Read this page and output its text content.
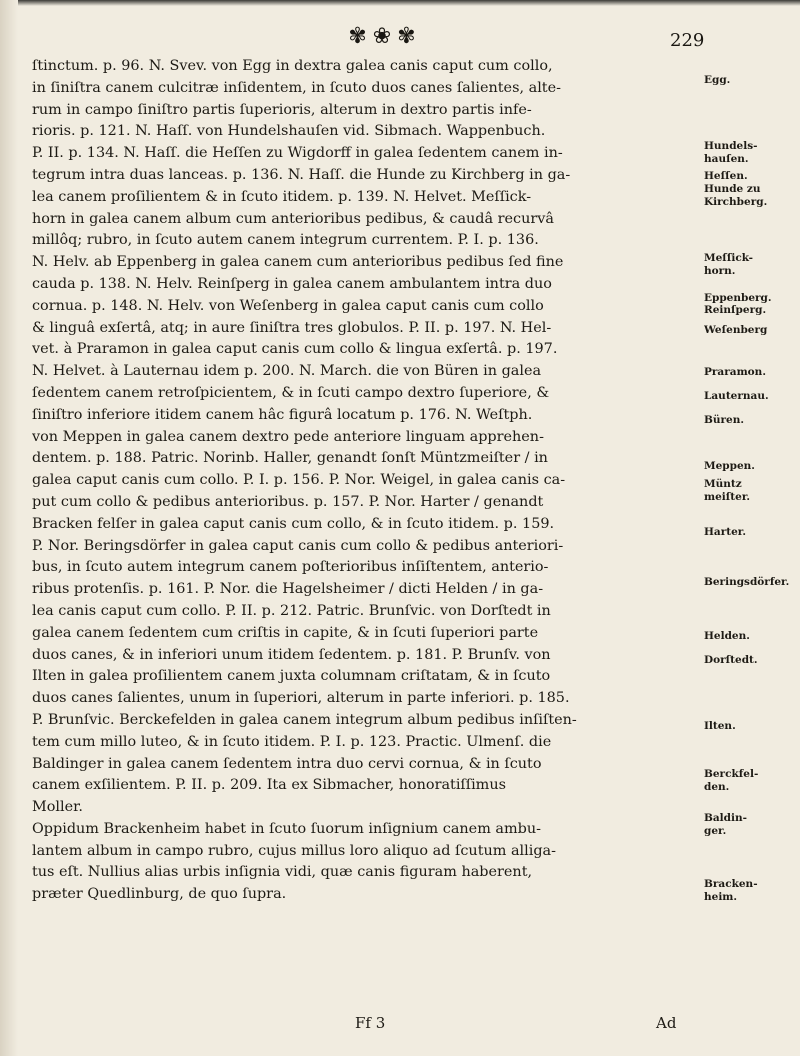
✾❀✾	229
ſtinctum. p. 96. N. Svev. von Egg in dextra galea canis caput cum collo,
in ſiniſtra canem culcitræ inſidentem, in ſcuto duos canes ſalientes, alte-
rum in campo ſiniſtro partis ſuperioris, alterum in dextro partis infe-
rioris. p. 121. N. Haſſ. von Hundelshauſen vid. Sibmach. Wappenbuch.
P. II. p. 134. N. Haſſ. die Heſſen zu Wigdorff in galea ſedentem canem in-
tegrum intra duas lanceas. p. 136. N. Haſſ. die Hunde zu Kirchberg in ga-
lea canem proſilientem & in ſcuto itidem. p. 139. N. Helvet. Meſſick-
horn in galea canem album cum anterioribus pedibus, & caudâ recurvâ
millôq; rubro, in ſcuto autem canem integrum currentem. P. I. p. 136.
N. Helv. ab Eppenberg in galea canem cum anterioribus pedibus ſed fine
cauda p. 138. N. Helv. Reinſperg in galea canem ambulantem intra duo
cornua. p. 148. N. Helv. von Weſenberg in galea caput canis cum collo
& linguâ exſertâ, atq; in aure ſiniſtra tres globulos. P. II. p. 197. N. Hel-
vet. à Praramon in galea caput canis cum collo & lingua exſertâ. p. 197.
N. Helvet. à Lauternau idem p. 200. N. March. die von Büren in galea
ſedentem canem retroſpicientem, & in ſcuti campo dextro ſuperiore, &
ſiniſtro inferiore itidem canem hâc figurâ locatum p. 176. N. Weſtph.
von Meppen in galea canem dextro pede anteriore linguam apprehen-
dentem. p. 188. Patric. Norinb. Haller, genandt ſonſt Müntzmeiſter / in
galea caput canis cum collo. P. I. p. 156. P. Nor. Weigel, in galea canis ca-
put cum collo & pedibus anterioribus. p. 157. P. Nor. Harter / genandt
Bracken felſer in galea caput canis cum collo, & in ſcuto itidem. p. 159.
P. Nor. Beringsdörfer in galea caput canis cum collo & pedibus anteriori-
bus, in ſcuto autem integrum canem poſterioribus inſiſtentem, anterio-
ribus protenſis. p. 161. P. Nor. die Hagelsheimer / dicti Helden / in ga-
lea canis caput cum collo. P. II. p. 212. Patric. Brunſvic. von Dorſtedt in
galea canem ſedentem cum criſtis in capite, & in ſcuti ſuperiori parte
duos canes, & in inferiori unum itidem ſedentem. p. 181. P. Brunſv. von
Ilten in galea proſilientem canem juxta columnam criſtatam, & in ſcuto
duos canes ſalientes, unum in ſuperiori, alterum in parte inferiori. p. 185.
P. Brunſvic. Berckefelden in galea canem integrum album pedibus inſiſten-
tem cum millo luteo, & in ſcuto itidem. P. I. p. 123. Practic. Ulmenſ. die
Baldinger in galea canem ſedentem intra duo cervi cornua, & in ſcuto
canem exſilientem. P. II. p. 209. Ita ex Sibmacher, honoratiſſimus
Moller.
Oppidum Brackenheim habet in ſcuto ſuorum inſignium canem ambu-
lantem album in campo rubro, cujus millus loro aliquo ad ſcutum alliga-
tus eſt. Nullius alias urbis inſignia vidi, quæ canis figuram haberent,
præter Quedlinburg, de quo ſupra.
Egg.
Hundels-
hauſen.
Heſſen.
Hunde zu
Kirchberg.
Meſſick-
horn.
Eppenberg.
Reinſperg.
Weſenberg
Praramon.
Lauternau.
Büren.
Meppen.
Müntz
meiſter.
Harter.
Beringsdörfer.
Helden.
Dorſtedt.
Ilten.
Berckfel-
den.
Baldin-
ger.
Bracken-
heim.
Ff 3	Ad
